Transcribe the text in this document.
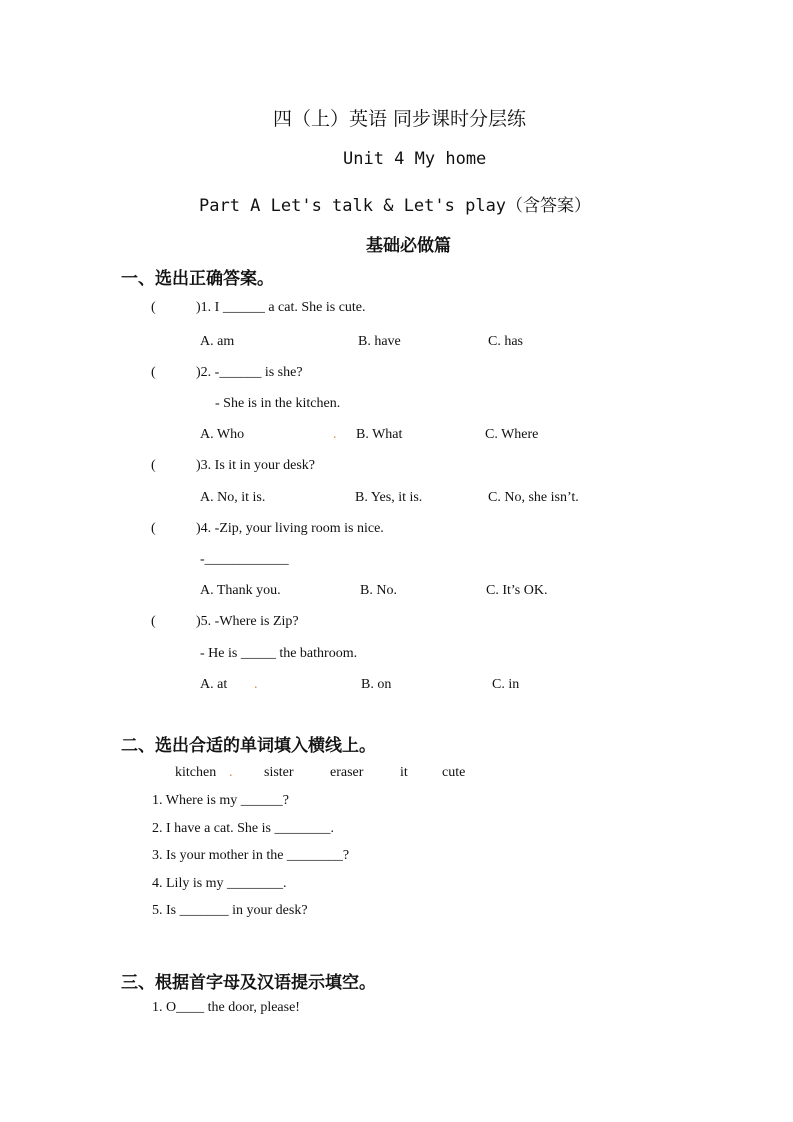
四（上）英语 同步课时分层练
Unit 4 My home
Part A Let's talk & Let's play（含答案）
基础必做篇
一、选出正确答案。
(	)1. I ______ a cat. She is cute.
A. am	B. have	C. has
(	)2. -______ is she?
- She is in the kitchen.
A. Who	. B. What	C. Where
(	)3. Is it in your desk?
A. No, it is.	B. Yes, it is.	C. No, she isn’t.
(	)4. -Zip, your living room is nice.
-____________
A. Thank you.	B. No.	C. It’s OK.
(	)5. -Where is Zip?
- He is _____ the bathroom.
A. at .	B. on	C. in
二、选出合适的单词填入横线上。
kitchen . sister	eraser	it cute
1. Where is my ______?
2. I have a cat. She is ________.
3. Is your mother in the ________?
4. Lily is my ________.
5. Is _______ in your desk?
三、根据首字母及汉语提示填空。
1. O____ the door, please!
